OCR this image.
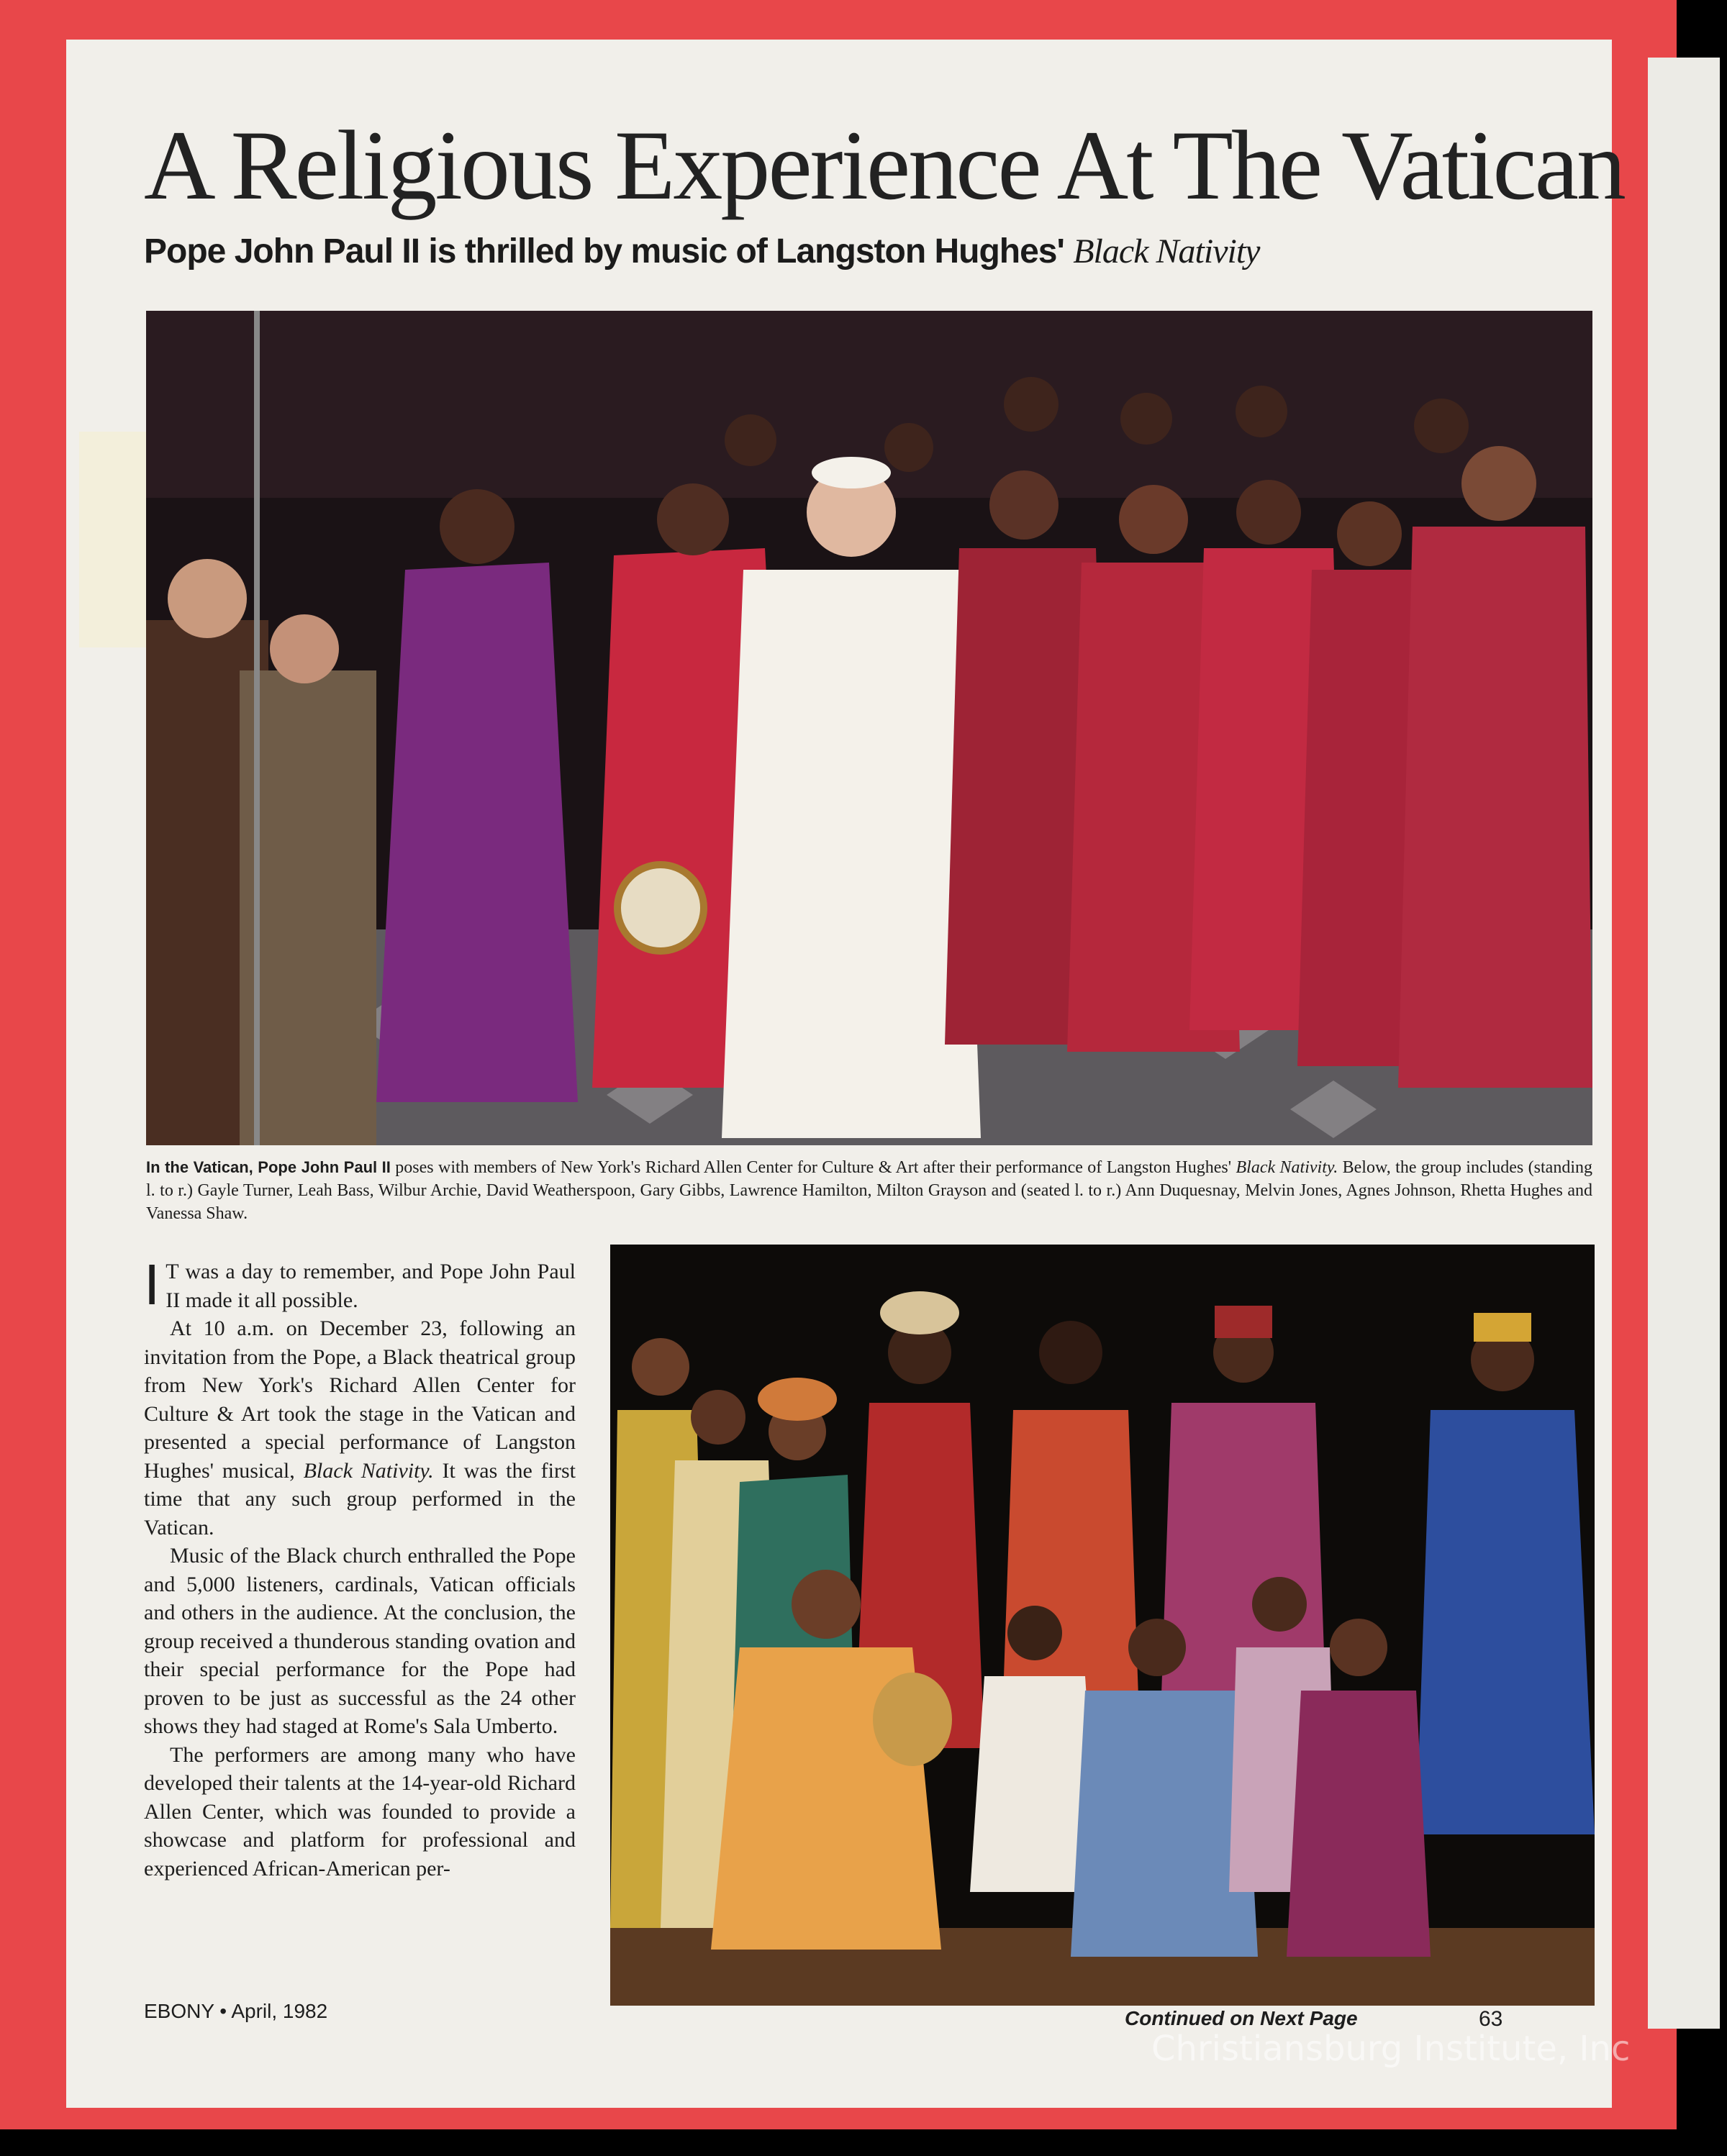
A Religious Experience At The Vatican
Pope John Paul II is thrilled by music of Langston Hughes' Black Nativity
In the Vatican, Pope John Paul II poses with members of New York's Richard Allen Center for Culture & Art after their performance of Langston Hughes' Black Nativity. Below, the group includes (standing l. to r.) Gayle Turner, Leah Bass, Wilbur Archie, David Weatherspoon, Gary Gibbs, Lawrence Hamilton, Milton Grayson and (seated l. to r.) Ann Duquesnay, Melvin Jones, Agnes Johnson, Rhetta Hughes and Vanessa Shaw.

I T was a day to remember, and Pope John Paul II made it all possible.

At 10 a.m. on December 23, following an invitation from the Pope, a Black theatrical group from New York's Richard Allen Center for Culture & Art took the stage in the Vatican and presented a special performance of Langston Hughes' musical, Black Nativity. It was the first time that any such group performed in the Vatican.

Music of the Black church enthralled the Pope and 5,000 listeners, cardinals, Vatican officials and others in the audience. At the conclusion, the group received a thunderous standing ovation and their special performance for the Pope had proven to be just as successful as the 24 other shows they had staged at Rome's Sala Umberto.

The performers are among many who have developed their talents at the 14-year-old Richard Allen Center, which was founded to provide a showcase and platform for professional and experienced African-American per-

EBONY • April, 1982	Continued on Next Page	63
Christiansburg Institute, Inc
